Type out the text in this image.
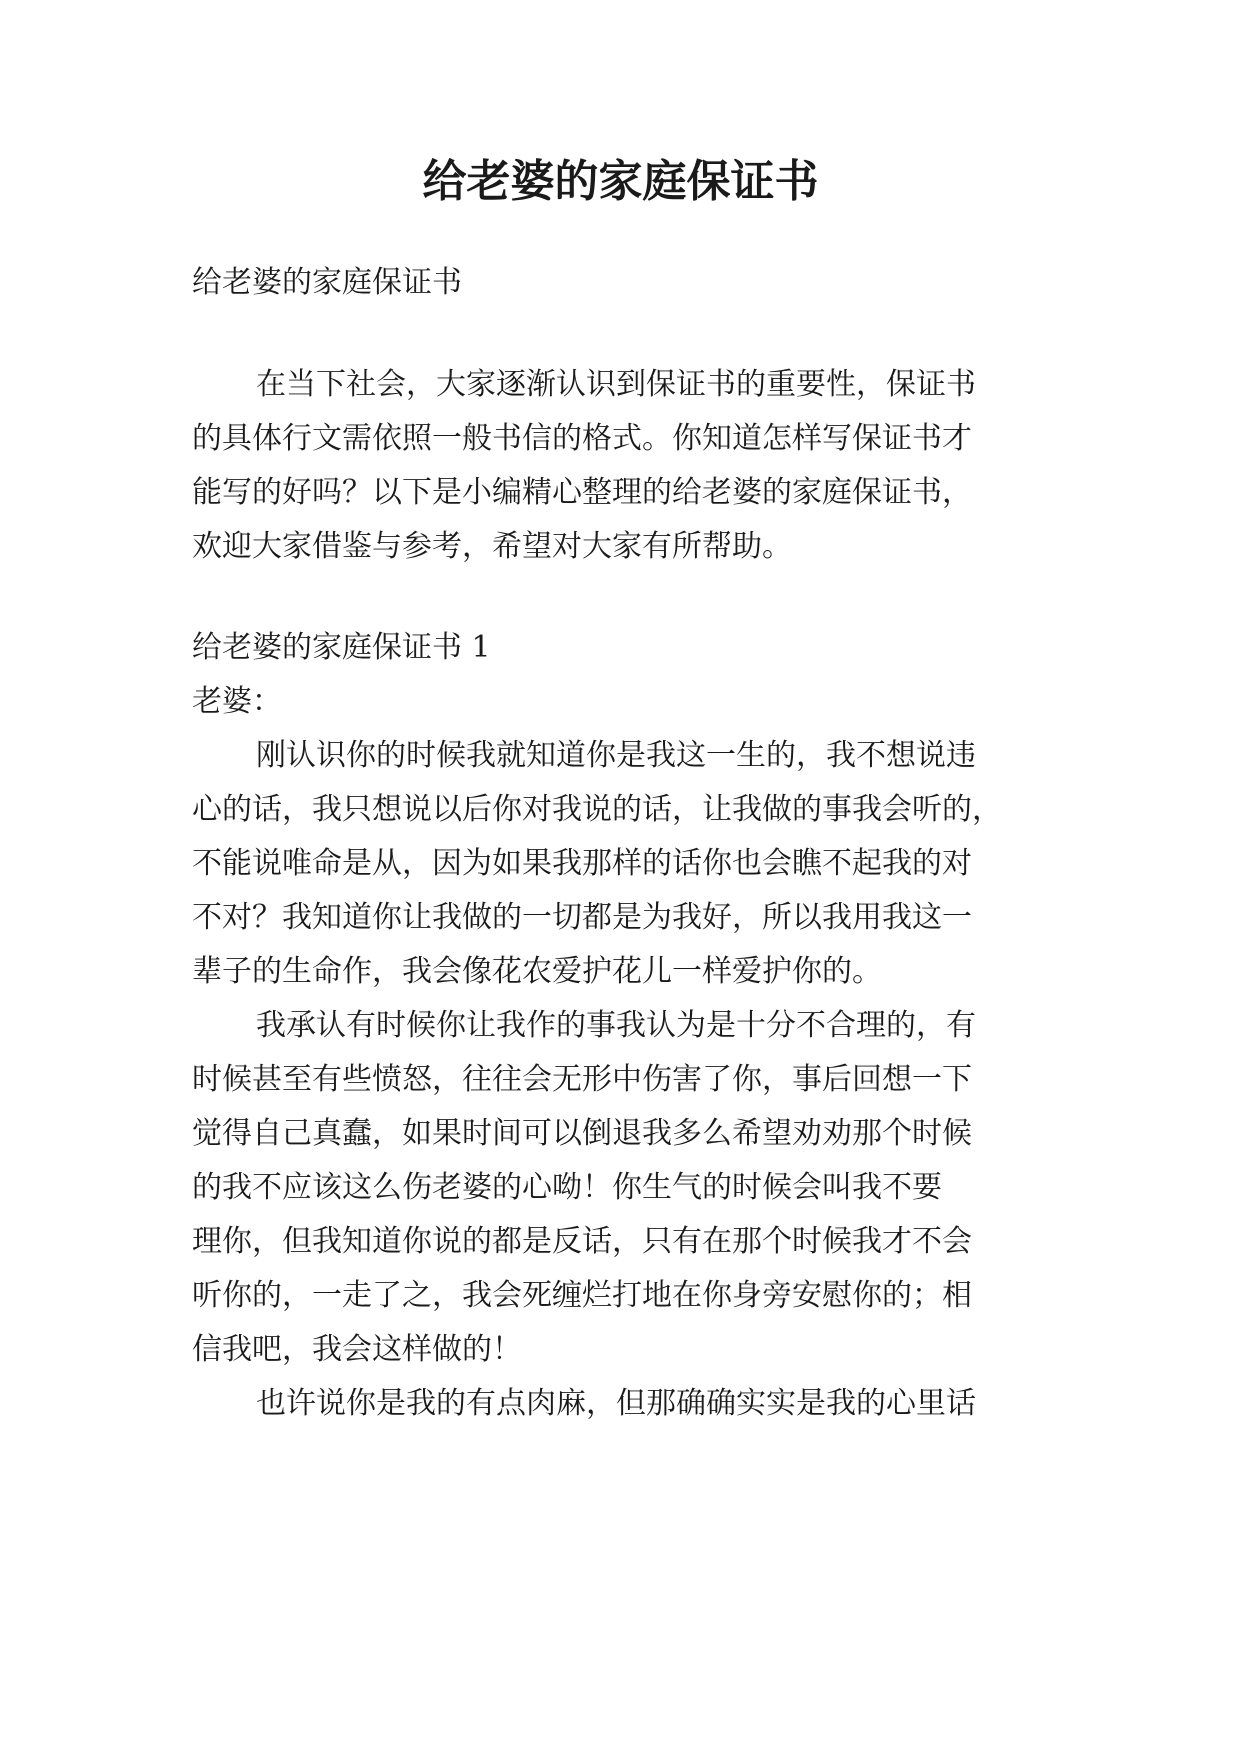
给老婆的家庭保证书

给老婆的家庭保证书

在当下社会，大家逐渐认识到保证书的重要性，保证书

的具体行文需依照一般书信的格式。你知道怎样写保证书才

能写的好吗？以下是小编精心整理的给老婆的家庭保证书，

欢迎大家借鉴与参考，希望对大家有所帮助。

给老婆的家庭保证书 1

老婆：

刚认识你的时候我就知道你是我这一生的，我不想说违

心的话，我只想说以后你对我说的话，让我做的事我会听的，

不能说唯命是从，因为如果我那样的话你也会瞧不起我的对

不对？我知道你让我做的一切都是为我好，所以我用我这一

辈子的生命作，我会像花农爱护花儿一样爱护你的。

我承认有时候你让我作的事我认为是十分不合理的，有

时候甚至有些愤怒，往往会无形中伤害了你，事后回想一下

觉得自己真蠢，如果时间可以倒退我多么希望劝劝那个时候

的我不应该这么伤老婆的心呦！你生气的时候会叫我不要

理你，但我知道你说的都是反话，只有在那个时候我才不会

听你的，一走了之，我会死缠烂打地在你身旁安慰你的；相

信我吧，我会这样做的！

也许说你是我的有点肉麻，但那确确实实是我的心里话
